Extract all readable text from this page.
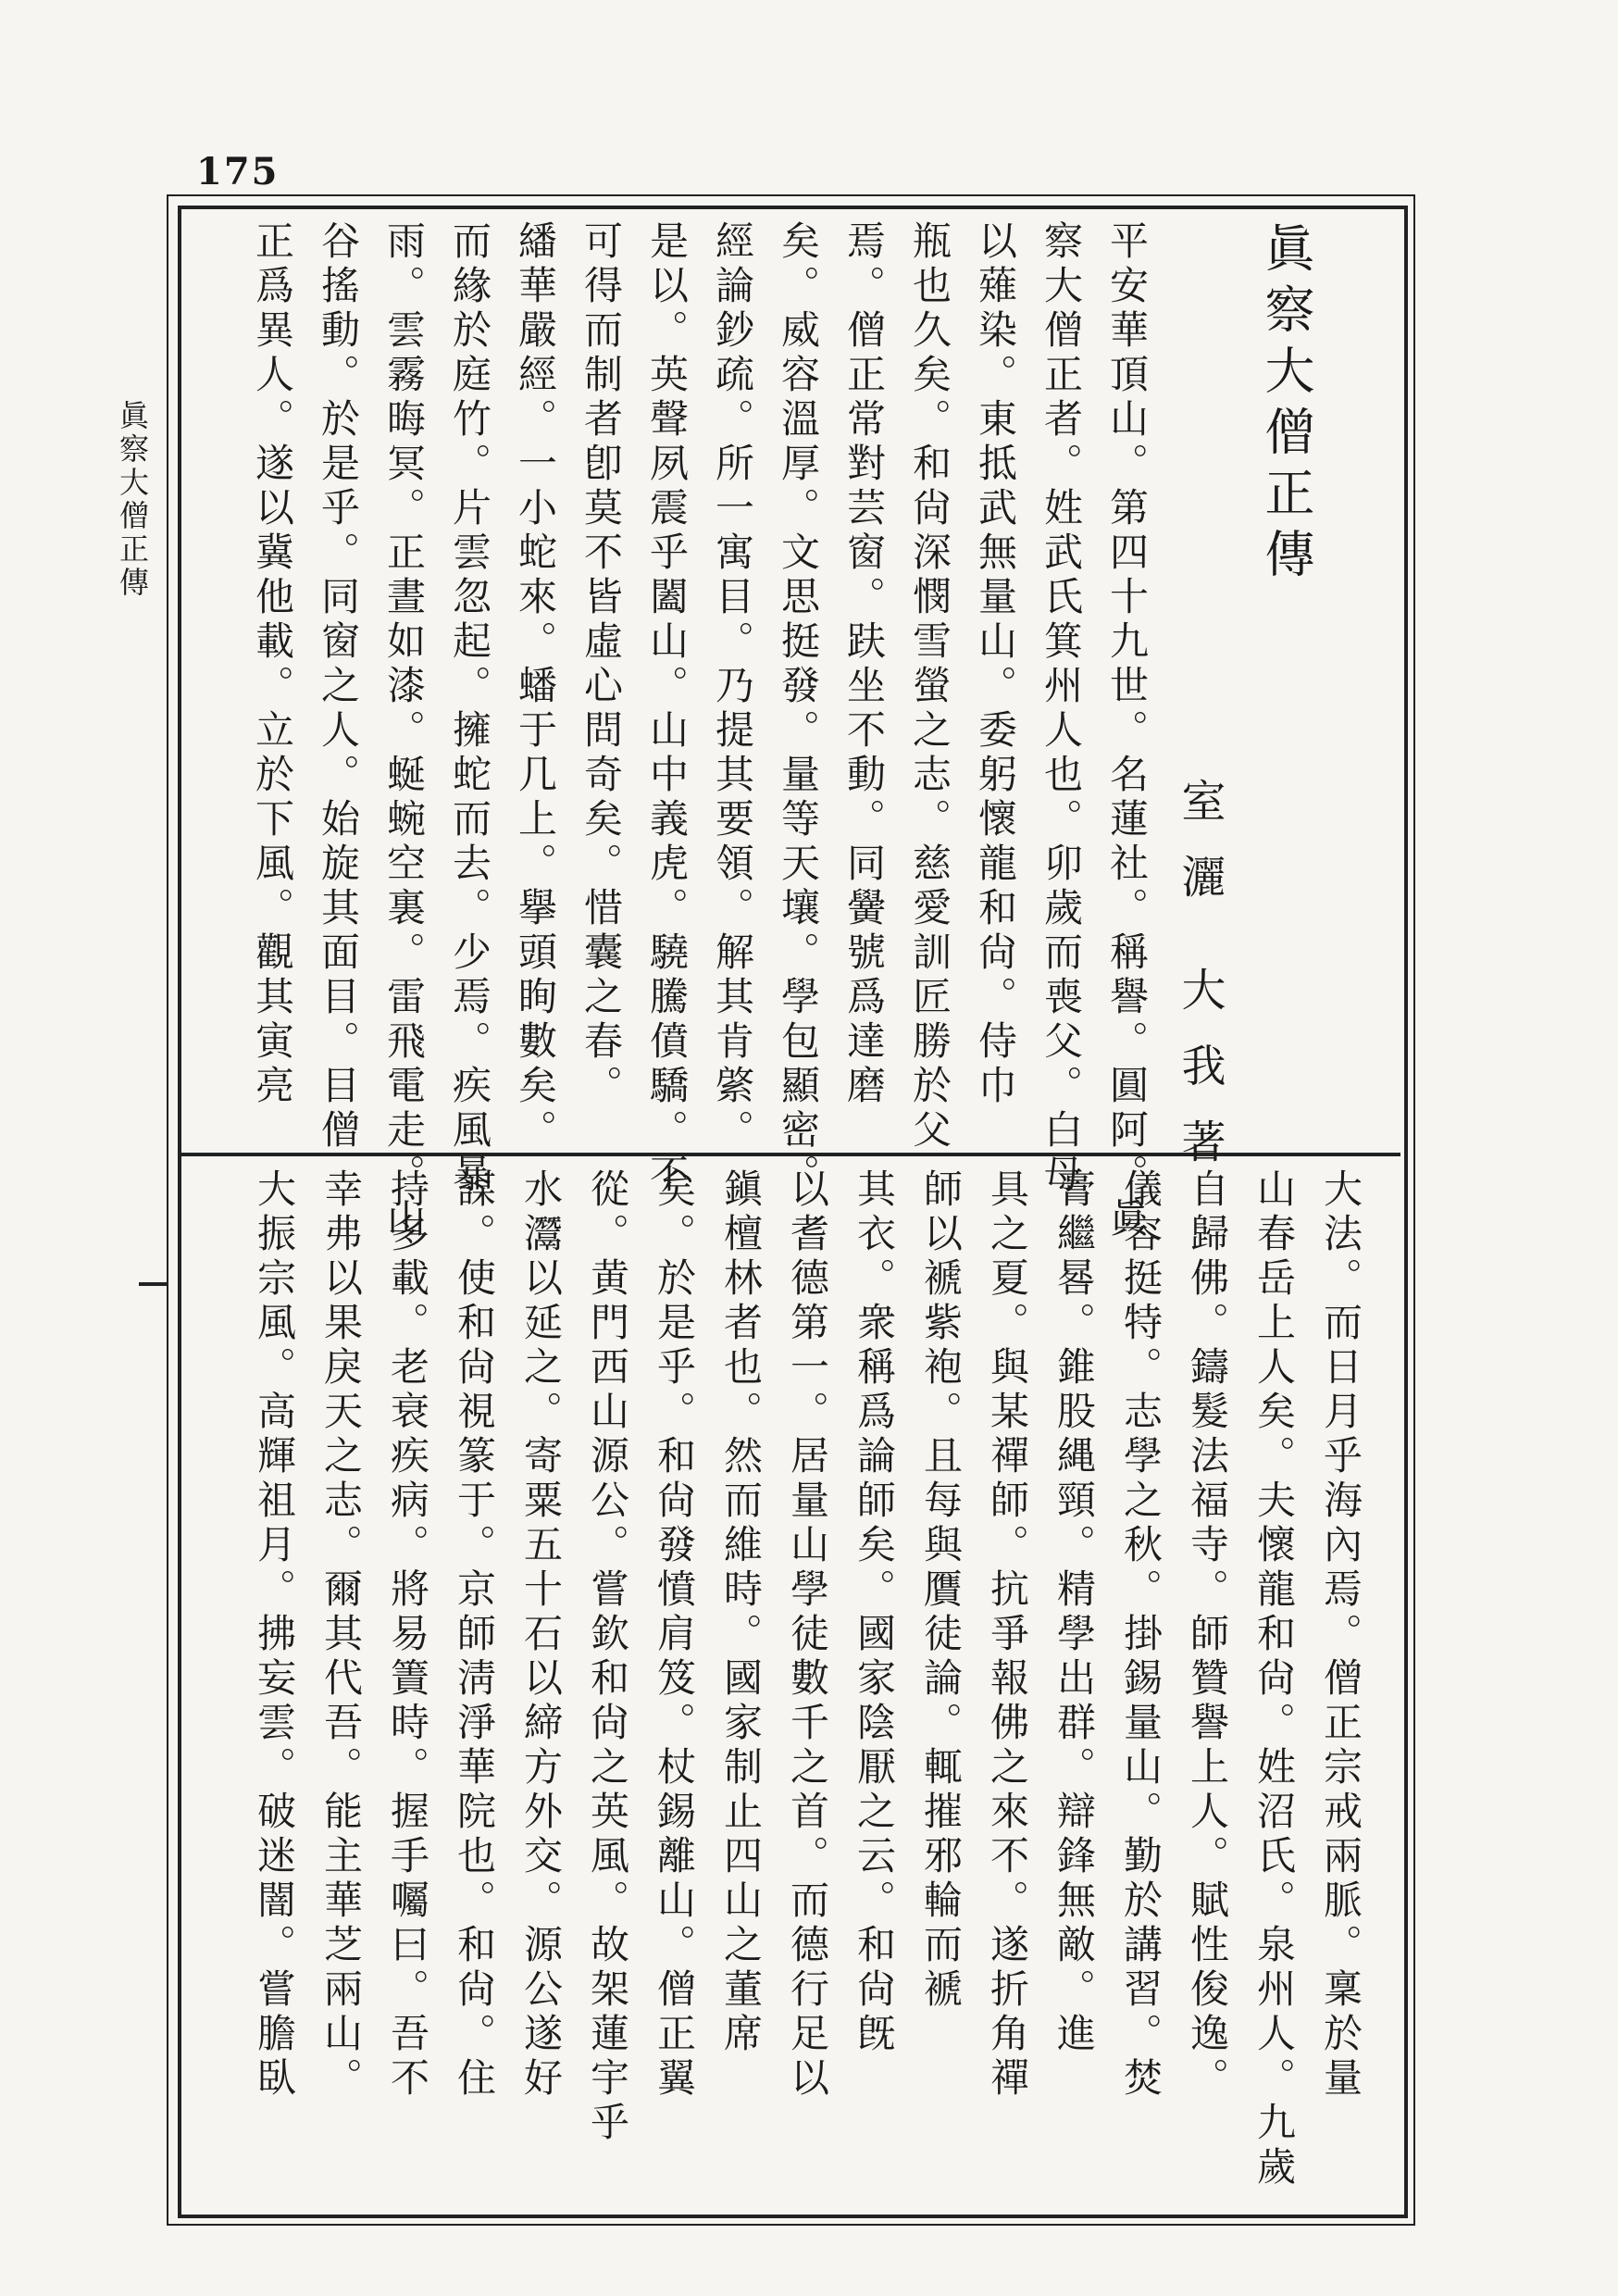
175
眞察大僧正傳	眞察大僧正傳
室灑大我著
平安華頂山。第四十九世。名蓮社。稱譽。圓阿。眞
察大僧正者。姓武氏箕州人也。卯歲而喪父。白母
以薙染。東抵武無量山。委躬懷龍和尙。侍巾
瓶也久矣。和尙深憫雪螢之志。慈愛訓匠勝於父
焉。僧正常對芸窗。趺坐不動。同黌號爲達磨
矣。威容溫厚。文思挺發。量等天壤。學包顯密。
經論鈔疏。所一寓目。乃提其要領。解其肯綮。
是以。英聲夙震乎闔山。山中義虎。驍騰僨驕。不
可得而制者卽莫不皆虛心問奇矣。惜囊之春。
繙華嚴經。一小蛇來。蟠于几上。擧頭眴數矣。
而緣於庭竹。片雲忽起。擁蛇而去。少焉。疾風暴
雨。雲霧晦冥。正晝如漆。蜒蜿空裏。雷飛電走。山
谷搖動。於是乎。同窗之人。始旋其面目。目僧
正爲異人。遂以冀他載。立於下風。觀其寅亮
大法。而日月乎海內焉。僧正宗戒兩脈。稟於量
山春岳上人矣。夫懷龍和尙。姓沼氏。泉州人。九歲
自歸佛。鑄髮法福寺。師贊譽上人。賦性俊逸。
儀容挺特。志學之秋。掛錫量山。勤於講習。焚
膏繼晷。錐股縄頸。精學出群。辯鋒無敵。進
具之夏。與某禪師。抗爭報佛之來不。遂折角禪
師以褫紫袍。且每與贋徒論。輒摧邪輪而褫
其衣。衆稱爲論師矣。國家陰厭之云。和尙旣
以耆德第一。居量山學徒數千之首。而德行足以
鎭檀林者也。然而維時。國家制止四山之董席
矣。於是乎。和尙發憤肩笈。杖錫離山。僧正翼
從。黄門西山源公。嘗欽和尙之英風。故架蓮宇乎
水灊以延之。寄粟五十石以締方外交。源公遂好
謀。使和尙視篆于。京師淸淨華院也。和尙。住
持多載。老衰疾病。將易簀時。握手囑曰。吾不
幸弗以果戾天之志。爾其代吾。能主華芝兩山。
大振宗風。高輝祖月。拂妄雲。破迷闇。嘗膽臥
